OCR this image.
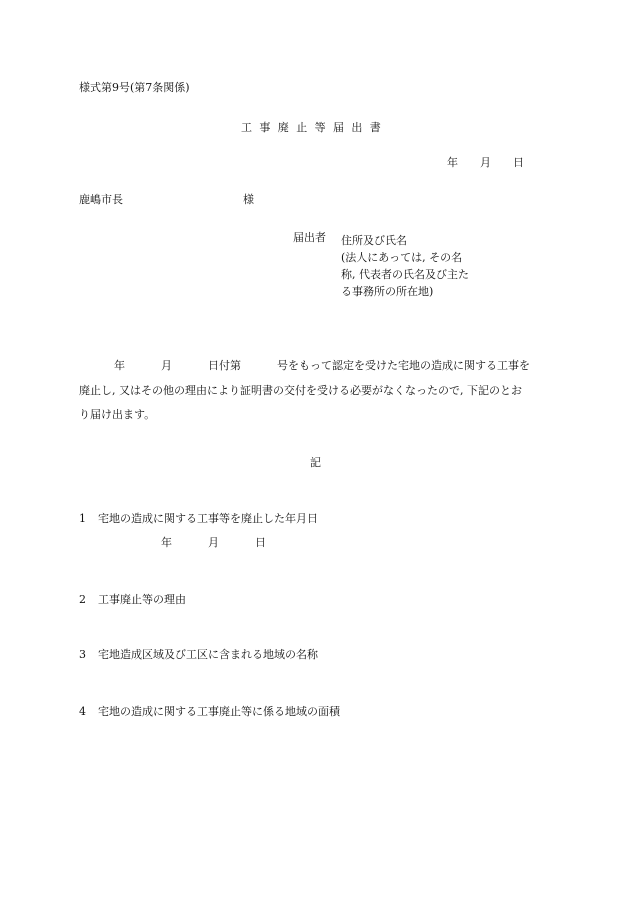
様式第9号(第7条関係)
工事廃止等届出書
年 月 日
鹿嶋市長	様
届出者 住所及び氏名
(法人にあっては, その名
称, 代表者の氏名及び主た
る事務所の所在地)
年	月	日付第	号をもって認定を受けた宅地の造成に関する工事を
廃止し, 又はその他の理由により証明書の交付を受ける必要がなくなったので, 下記のとお
り届け出ます。
記
1 宅地の造成に関する工事等を廃止した年月日
年	月	日
2 工事廃止等の理由
3 宅地造成区域及び工区に含まれる地域の名称
4 宅地の造成に関する工事廃止等に係る地域の面積
